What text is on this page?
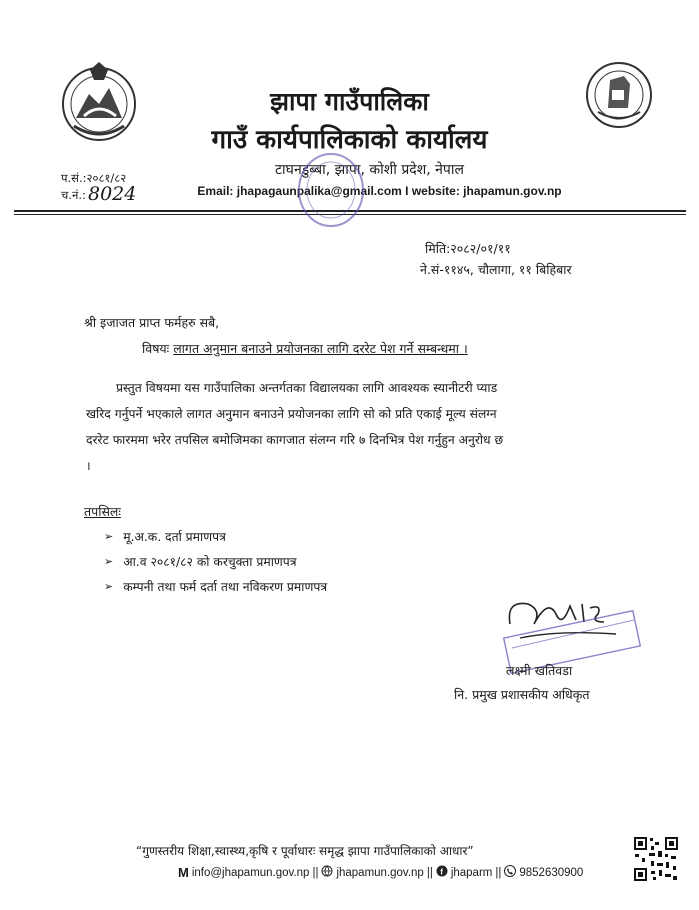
झापा गाउँपालिका
गाउँ कार्यपालिकाको कार्यालय
टाघनडुब्बा, झापा, कोशी प्रदेश, नेपाल
Email: jhapagaunpalika@gmail.com I website: jhapamun.gov.np
प.सं.:२०८१/८२
च.नं.: 8024
मिति:२०८२/०१/११
ने.सं-११४५, चौलागा, ११ बिहिबार
श्री इजाजत प्राप्त फर्महरु सबै,
विषयः लागत अनुमान बनाउने प्रयोजनका लागि दररेट पेश गर्ने सम्बन्धमा ।
प्रस्तुत विषयमा यस गाउँपालिका अन्तर्गतका विद्यालयका लागि आवश्यक स्यानीटरी प्याड
खरिद गर्नुपर्ने भएकाले लागत अनुमान बनाउने प्रयोजनका लागि सो को प्रति एकाई मूल्य संलग्न
दररेट फारममा भरेर तपसिल बमोजिमका कागजात संलग्न गरि ७ दिनभित्र पेश गर्नुहुन अनुरोध छ
।
तपसिलः
➢ मू.अ.क. दर्ता प्रमाणपत्र
➢ आ.व २०८१/८२ को करचुक्ता प्रमाणपत्र
➢ कम्पनी तथा फर्म दर्ता तथा नविकरण प्रमाणपत्र
लक्ष्मी खतिवडा
नि. प्रमुख प्रशासकीय अधिकृत
“गुणस्तरीय शिक्षा,स्वास्थ्य,कृषि र पूर्वाधारः समृद्ध झापा गाउँपालिकाको आधार”
M info@jhapamun.gov.np || jhapamun.gov.np || f jhaparm || 9852630900
